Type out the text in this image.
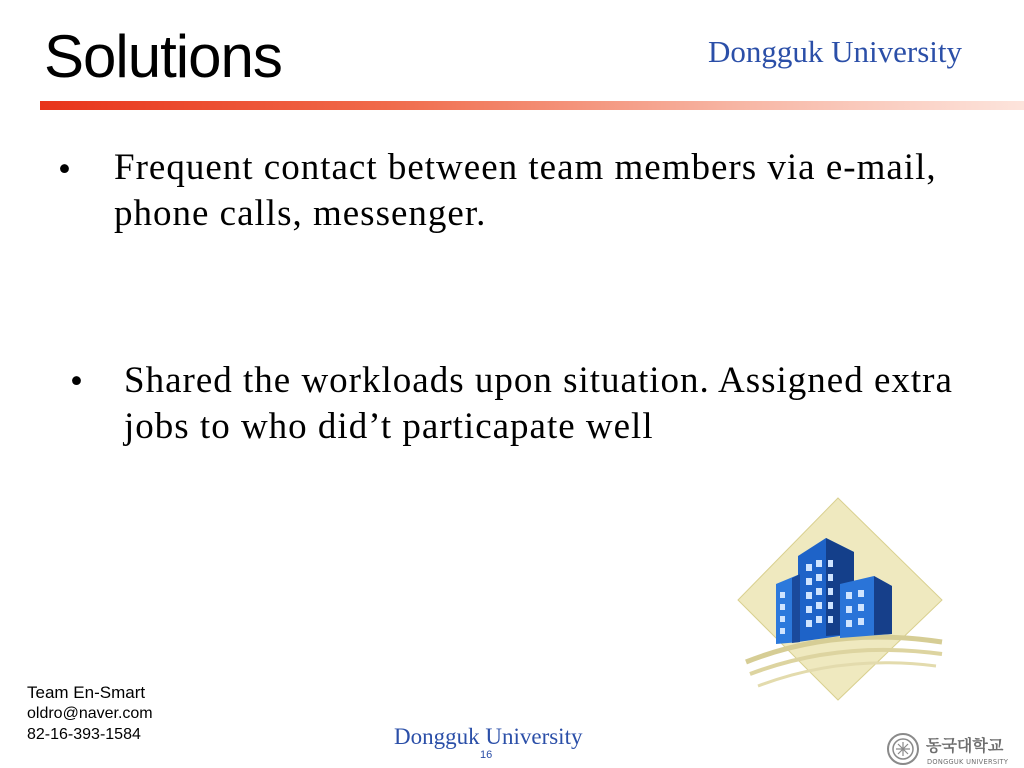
Solutions	Dongguk University
• Frequent contact between team members via e-mail, phone calls, messenger.
• Shared the workloads upon situation. Assigned extra jobs to who did’t particapate well
Team En-Smart
oldro@naver.com
82-16-393-1584	Dongguk University
16	동국대학교
DONGGUK UNIVERSITY
